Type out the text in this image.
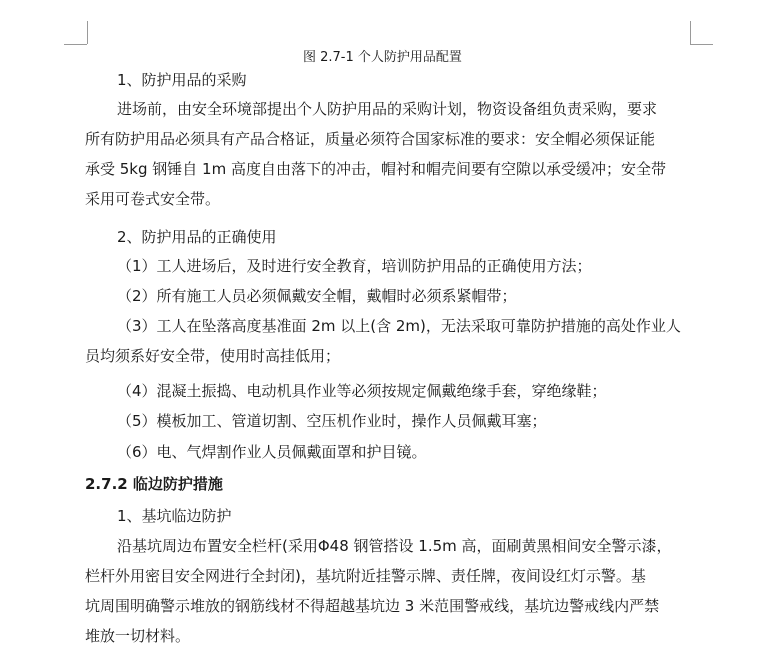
图 2.7-1 个人防护用品配置
1、防护用品的采购
进场前，由安全环境部提出个人防护用品的采购计划，物资设备组负责采购，要求
所有防护用品必须具有产品合格证，质量必须符合国家标准的要求：安全帽必须保证能
承受 5kg 钢锤自 1m 高度自由落下的冲击，帽衬和帽壳间要有空隙以承受缓冲；安全带
采用可卷式安全带。
2、防护用品的正确使用
（1）工人进场后，及时进行安全教育，培训防护用品的正确使用方法；
（2）所有施工人员必须佩戴安全帽，戴帽时必须系紧帽带；
（3）工人在坠落高度基准面 2m 以上(含 2m)，无法采取可靠防护措施的高处作业人
员均须系好安全带，使用时高挂低用；
（4）混凝土振捣、电动机具作业等必须按规定佩戴绝缘手套，穿绝缘鞋；
（5）模板加工、管道切割、空压机作业时，操作人员佩戴耳塞；
（6）电、气焊割作业人员佩戴面罩和护目镜。
2.7.2 临边防护措施
1、基坑临边防护
沿基坑周边布置安全栏杆(采用Φ48 钢管搭设 1.5m 高，面刷黄黑相间安全警示漆，
栏杆外用密目安全网进行全封闭)，基坑附近挂警示牌、责任牌，夜间设红灯示警。基
坑周围明确警示堆放的钢筋线材不得超越基坑边 3 米范围警戒线，基坑边警戒线内严禁
堆放一切材料。
